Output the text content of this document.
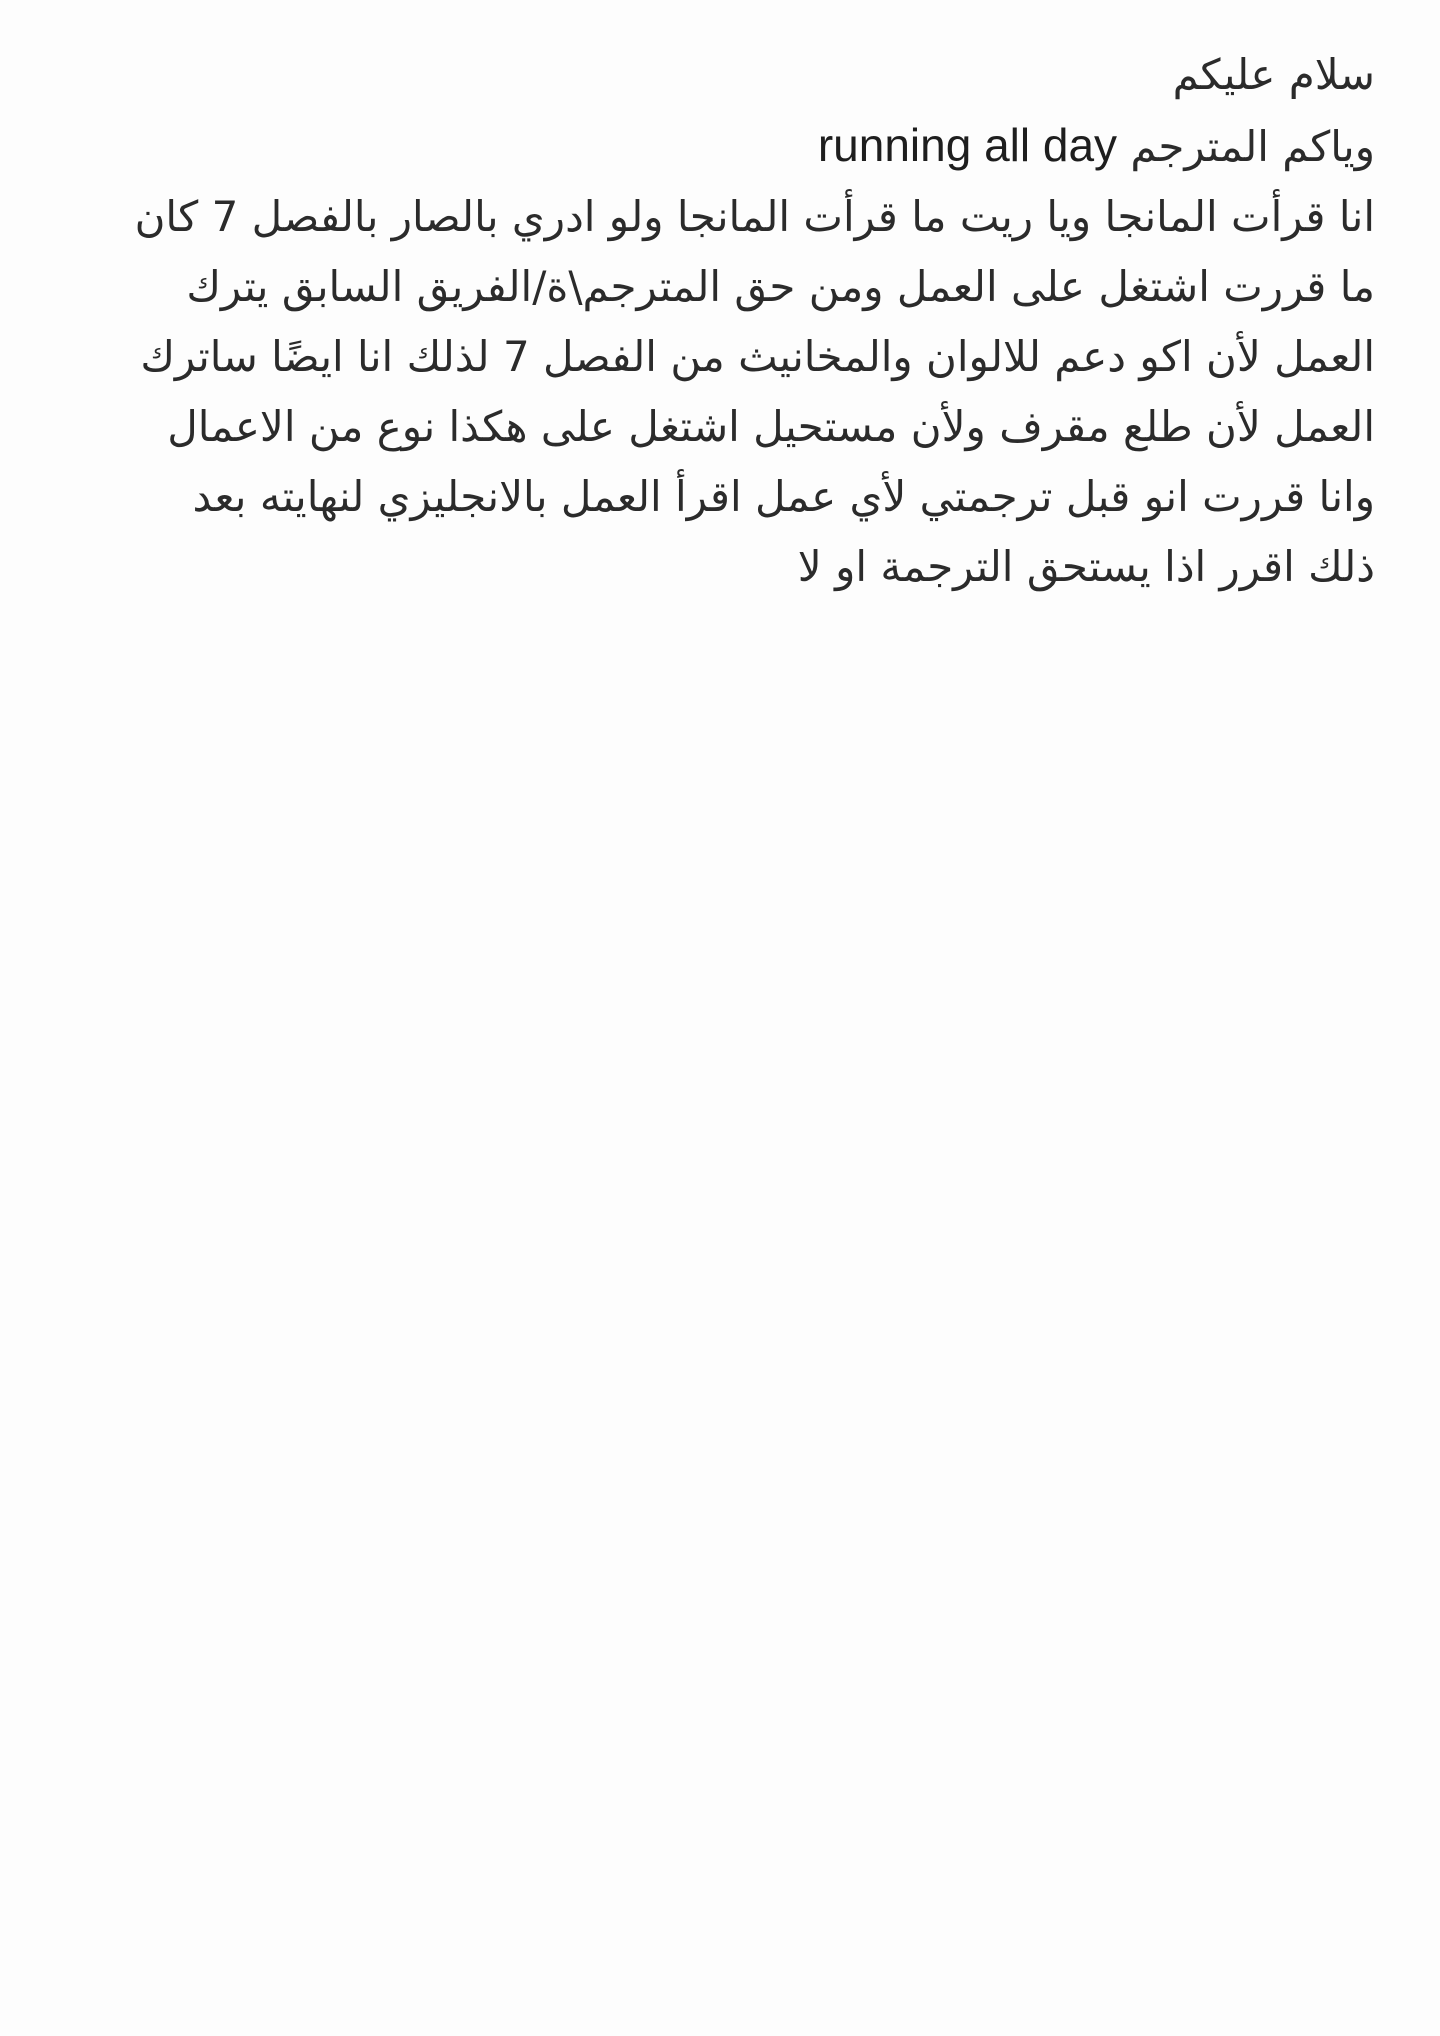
سلام عليكم
وياكم المترجم running all day
انا قرأت المانجا ويا ريت ما قرأت المانجا ولو ادري بالصار بالفصل 7 كان
ما قررت اشتغل على العمل ومن حق المترجم\ة/الفريق السابق يترك
العمل لأن اكو دعم للالوان والمخانيث من الفصل 7 لذلك انا ايضًا ساترك
العمل لأن طلع مقرف ولأن مستحيل اشتغل على هكذا نوع من الاعمال
وانا قررت انو قبل ترجمتي لأي عمل اقرأ العمل بالانجليزي لنهايته بعد
ذلك اقرر اذا يستحق الترجمة او لا
